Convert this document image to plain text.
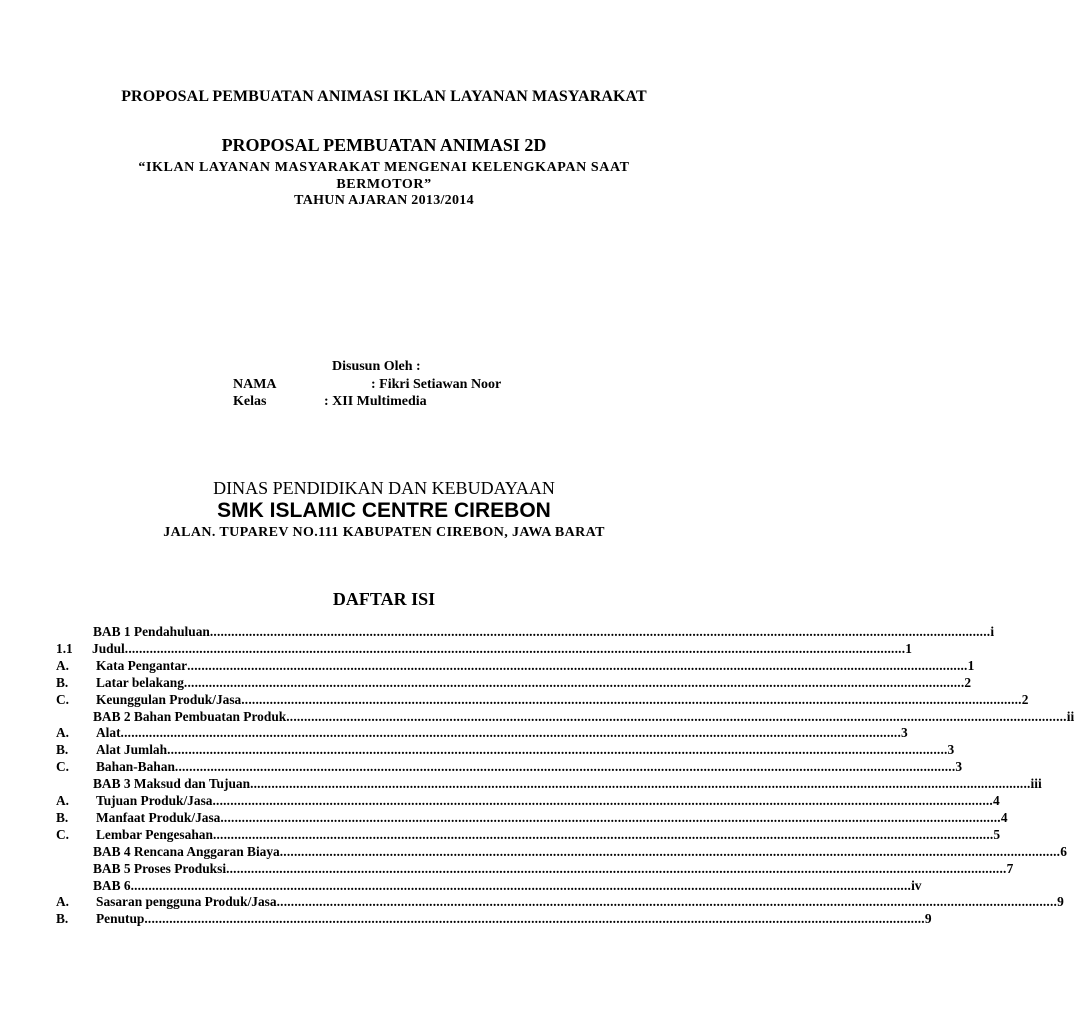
PROPOSAL PEMBUATAN ANIMASI IKLAN LAYANAN MASYARAKAT
PROPOSAL PEMBUATAN ANIMASI 2D
“IKLAN LAYANAN MASYARAKAT MENGENAI KELENGKAPAN SAAT BERMOTOR”
TAHUN AJARAN 2013/2014
Disusun Oleh :
NAMA	: Fikri Setiawan Noor
Kelas	: XII Multimedia
DINAS PENDIDIKAN DAN KEBUDAYAAN
SMK ISLAMIC CENTRE CIREBON
JALAN. TUPAREV NO.111 KABUPATEN CIREBON, JAWA BARAT
DAFTAR ISI
BAB 1 Pendahuluan ............................................................................................................................................................................................................................ i
1.1	Judul ............................................................................................................................................................................................................................ 1
A.	Kata Pengantar ............................................................................................................................................................................................................................ 1
B.	Latar belakang ............................................................................................................................................................................................................................ 2
C.	Keunggulan Produk/Jasa ............................................................................................................................................................................................................................ 2
BAB 2 Bahan Pembuatan Produk ............................................................................................................................................................................................................................ ii
A.	Alat ............................................................................................................................................................................................................................ 3
B.	Alat Jumlah ............................................................................................................................................................................................................................ 3
C.	Bahan-Bahan ............................................................................................................................................................................................................................ 3
BAB 3 Maksud dan Tujuan ............................................................................................................................................................................................................................ iii
A.	Tujuan Produk/Jasa ............................................................................................................................................................................................................................ 4
B.	Manfaat Produk/Jasa ............................................................................................................................................................................................................................ 4
C.	Lembar Pengesahan ............................................................................................................................................................................................................................ 5
BAB 4 Rencana Anggaran Biaya ............................................................................................................................................................................................................................ 6
BAB 5 Proses Produksi ............................................................................................................................................................................................................................ 7
BAB 6 ............................................................................................................................................................................................................................ iv
A.	Sasaran pengguna Produk/Jasa ............................................................................................................................................................................................................................ 9
B.	Penutup ............................................................................................................................................................................................................................ 9
